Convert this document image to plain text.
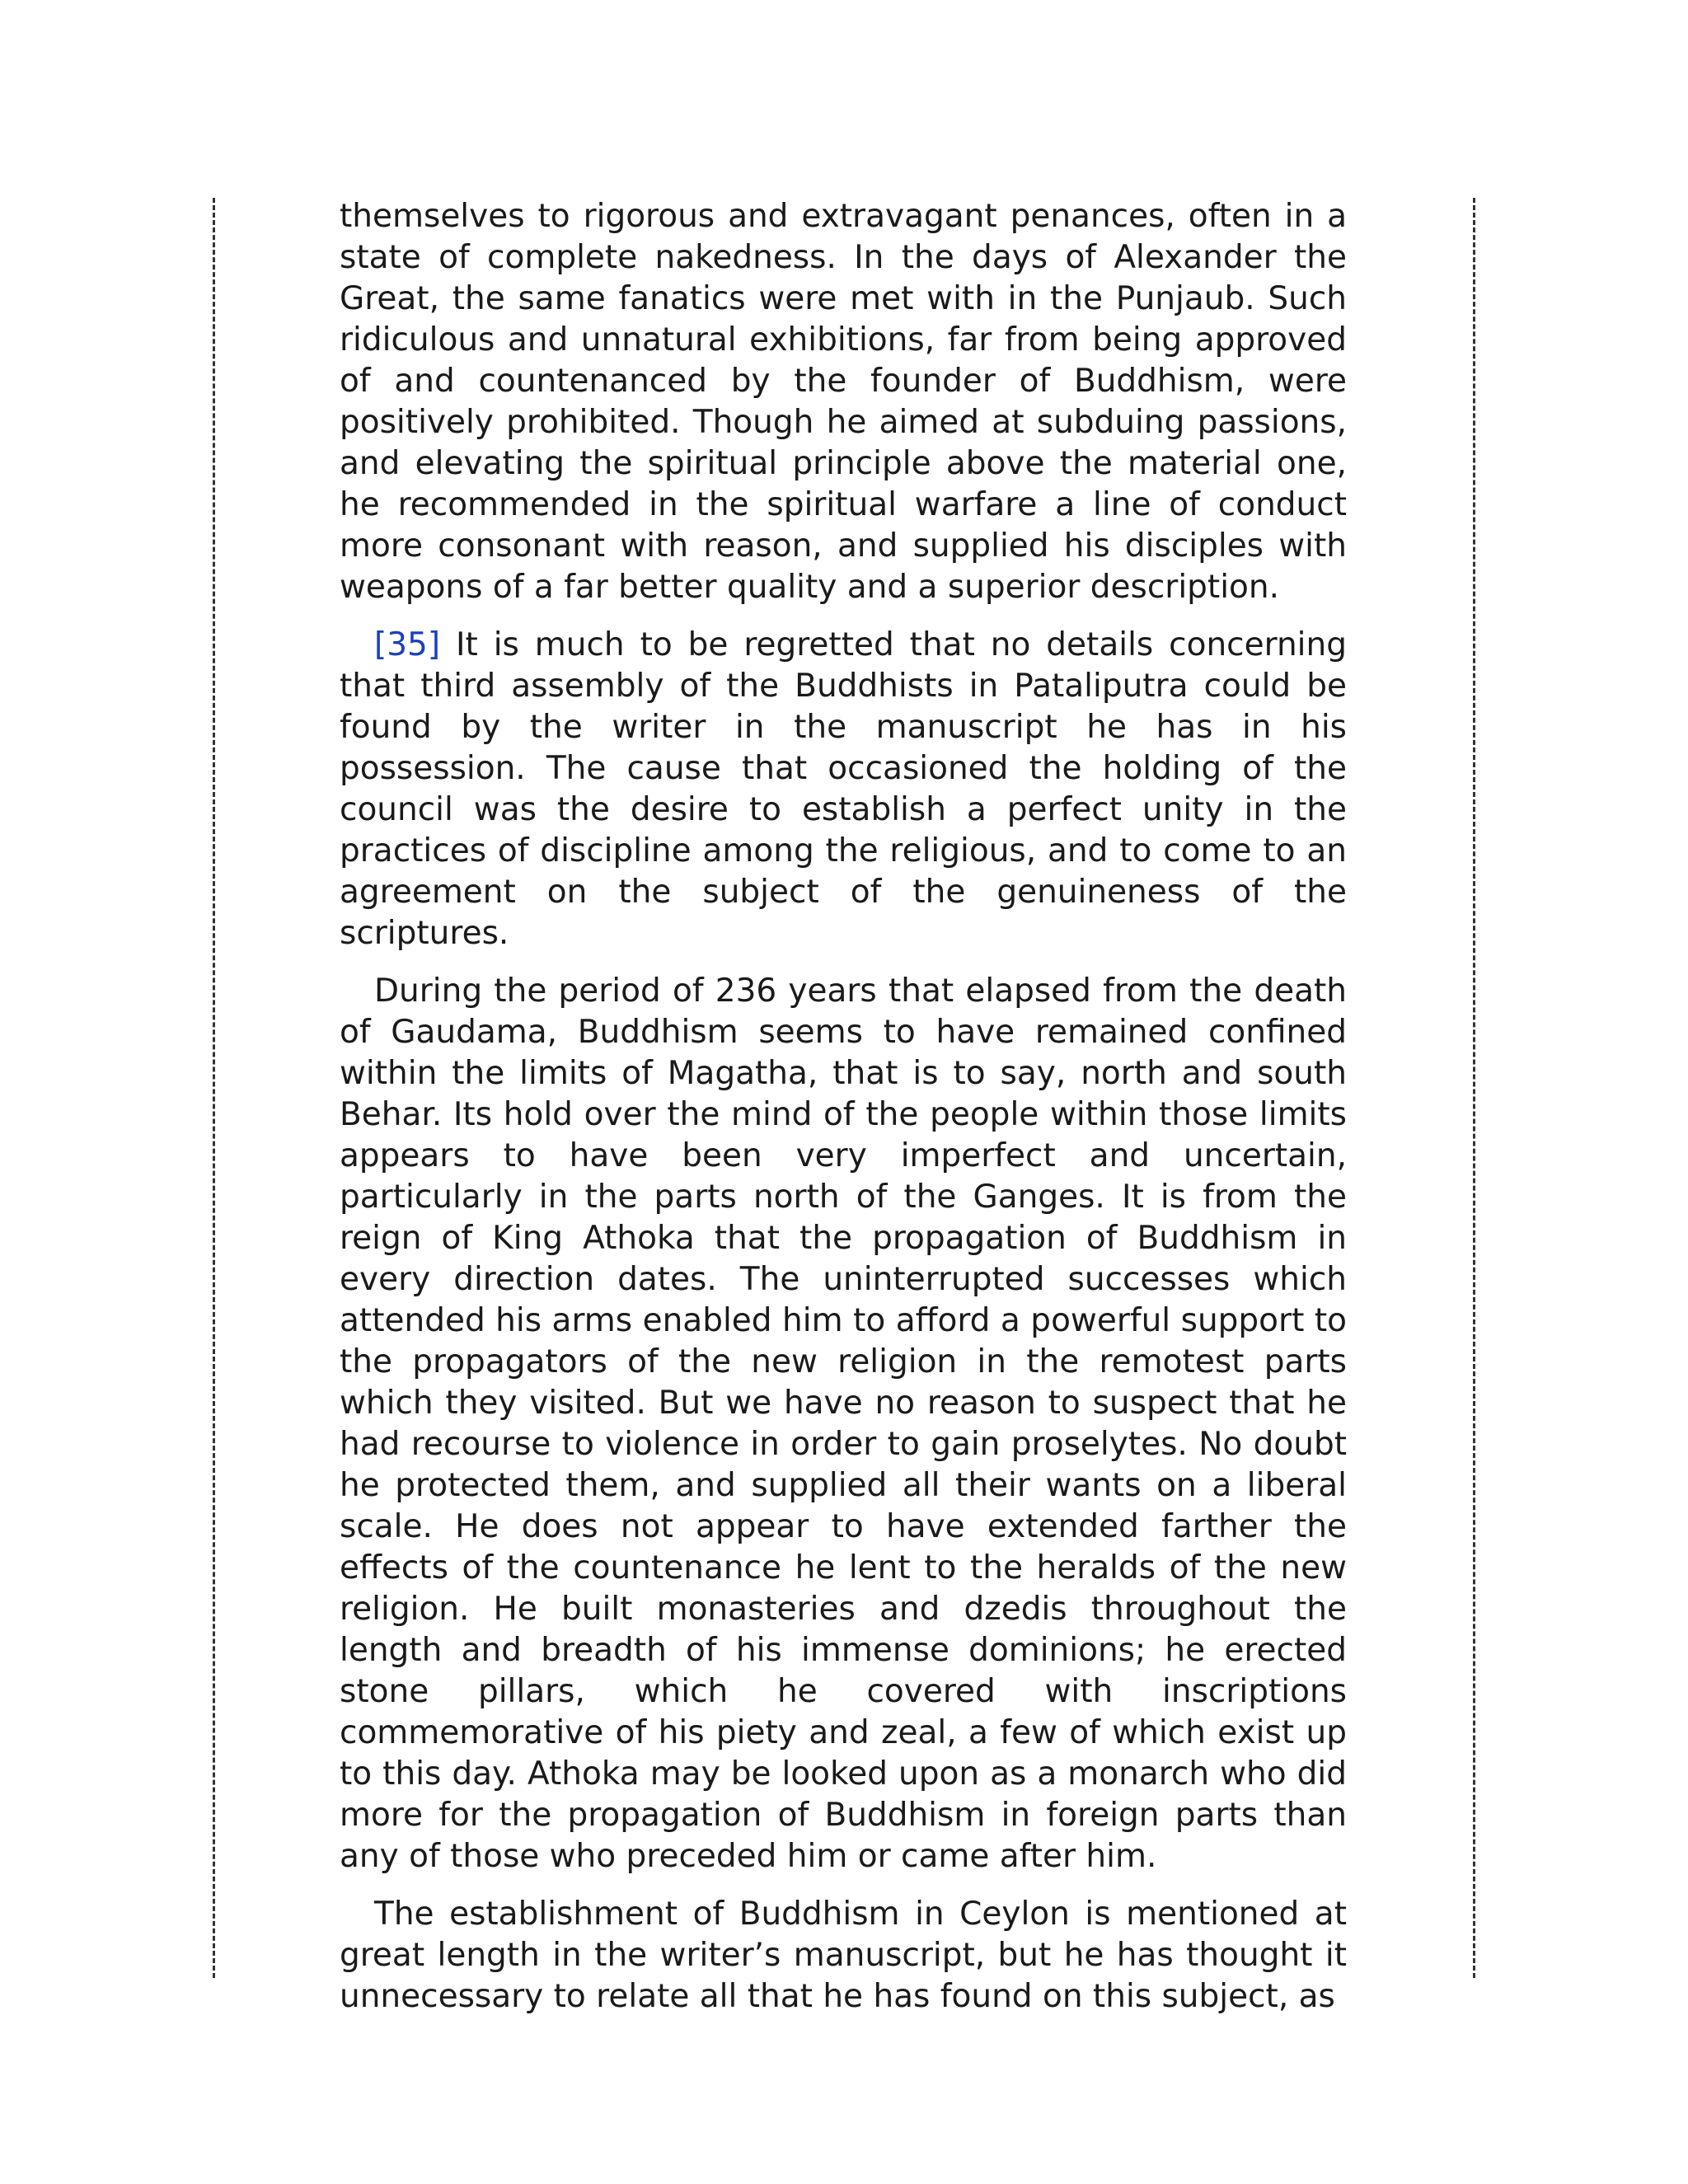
themselves to rigorous and extravagant penances, often in a state of complete nakedness. In the days of Alexander the Great, the same fanatics were met with in the Punjaub. Such ridiculous and unnatural exhibitions, far from being approved of and countenanced by the founder of Buddhism, were positively prohibited. Though he aimed at subduing passions, and elevating the spiritual principle above the material one, he recommended in the spiritual warfare a line of conduct more consonant with reason, and supplied his disciples with weapons of a far better quality and a superior description.

[35] It is much to be regretted that no details concerning that third assembly of the Buddhists in Pataliputra could be found by the writer in the manuscript he has in his possession. The cause that occasioned the holding of the council was the desire to establish a perfect unity in the practices of discipline among the religious, and to come to an agreement on the subject of the genuineness of the scriptures.

During the period of 236 years that elapsed from the death of Gaudama, Buddhism seems to have remained confined within the limits of Magatha, that is to say, north and south Behar. Its hold over the mind of the people within those limits appears to have been very imperfect and uncertain, particularly in the parts north of the Ganges. It is from the reign of King Athoka that the propagation of Buddhism in every direction dates. The uninterrupted successes which attended his arms enabled him to afford a powerful support to the propagators of the new religion in the remotest parts which they visited. But we have no reason to suspect that he had recourse to violence in order to gain proselytes. No doubt he protected them, and supplied all their wants on a liberal scale. He does not appear to have extended farther the effects of the countenance he lent to the heralds of the new religion. He built monasteries and dzedis throughout the length and breadth of his immense dominions; he erected stone pillars, which he covered with inscriptions commemorative of his piety and zeal, a few of which exist up to this day. Athoka may be looked upon as a monarch who did more for the propagation of Buddhism in foreign parts than any of those who preceded him or came after him.

The establishment of Buddhism in Ceylon is mentioned at great length in the writer’s manuscript, but he has thought it unnecessary to relate all that he has found on this subject, as
